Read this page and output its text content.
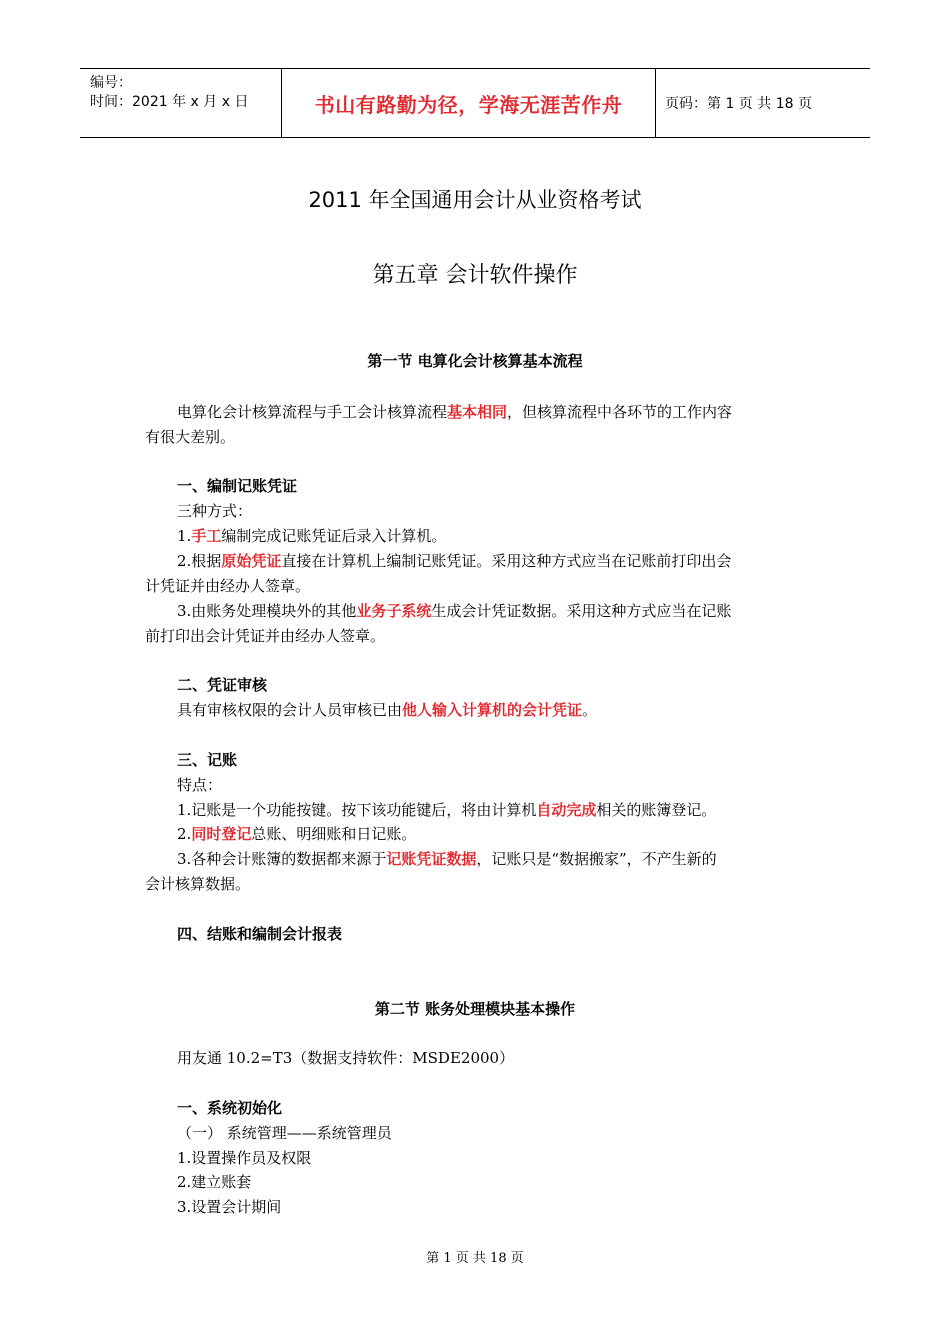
编号：
时间：2021 年 x 月 x 日	书山有路勤为径，学海无涯苦作舟	页码：第 1 页 共 18 页
2011 年全国通用会计从业资格考试
第五章 会计软件操作
第一节 电算化会计核算基本流程
电算化会计核算流程与手工会计核算流程基本相同，但核算流程中各环节的工作内容
有很大差别。
一、编制记账凭证
三种方式：
1.手工编制完成记账凭证后录入计算机。
2.根据原始凭证直接在计算机上编制记账凭证。采用这种方式应当在记账前打印出会
计凭证并由经办人签章。
3.由账务处理模块外的其他业务子系统生成会计凭证数据。采用这种方式应当在记账
前打印出会计凭证并由经办人签章。
二、凭证审核
具有审核权限的会计人员审核已由他人输入计算机的会计凭证。
三、记账
特点：
1.记账是一个功能按键。按下该功能键后，将由计算机自动完成相关的账簿登记。
2.同时登记总账、明细账和日记账。
3.各种会计账簿的数据都来源于记账凭证数据，记账只是“数据搬家”，不产生新的
会计核算数据。
四、结账和编制会计报表
第二节 账务处理模块基本操作
用友通 10.2=T3（数据支持软件：MSDE2000）
一、系统初始化
（一） 系统管理——系统管理员
1.设置操作员及权限
2.建立账套
3.设置会计期间
第 1 页 共 18 页
